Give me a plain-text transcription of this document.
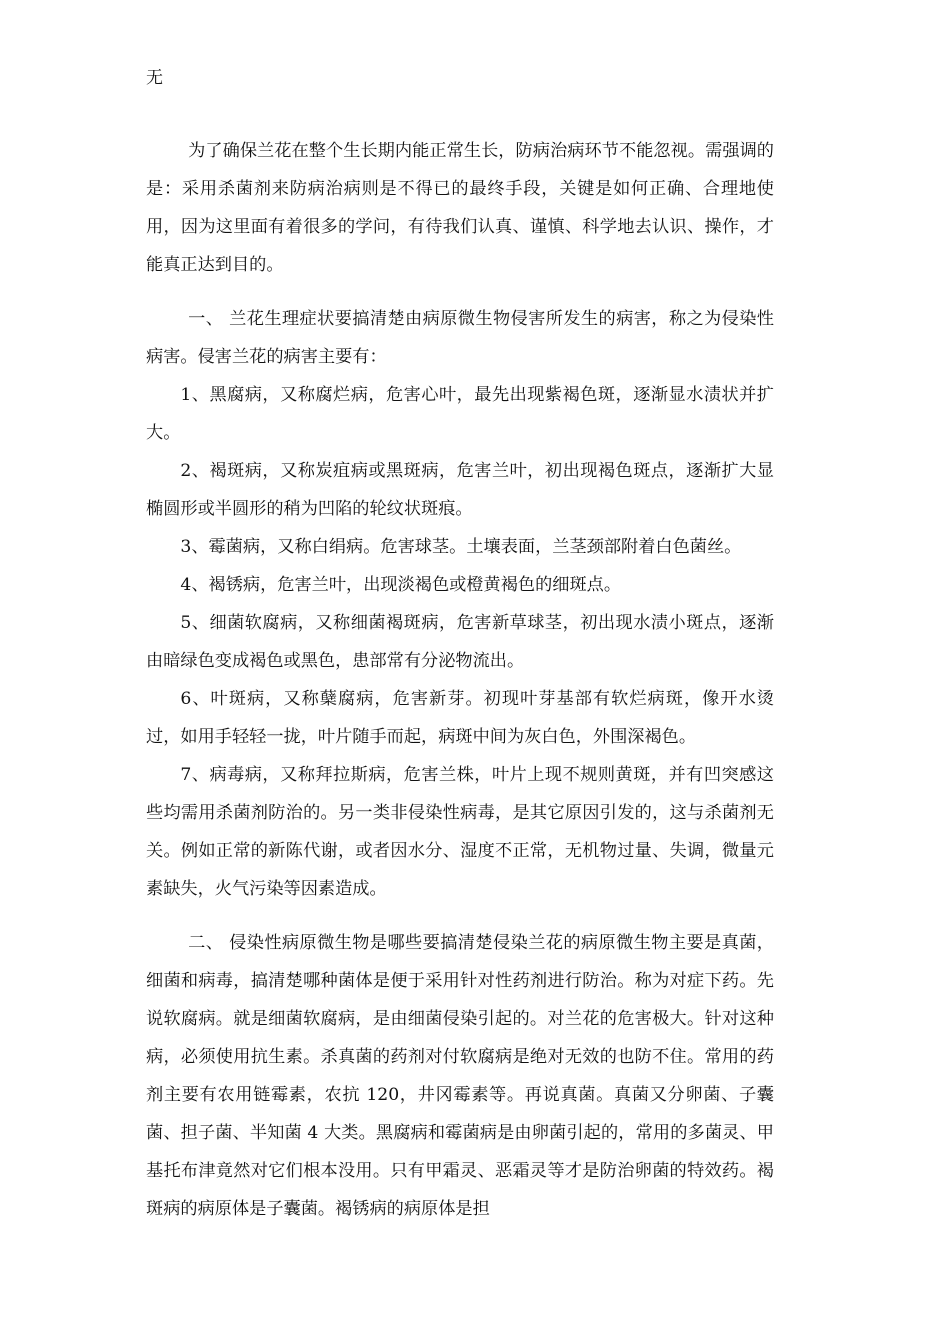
无

为了确保兰花在整个生长期内能正常生长，防病治病环节不能忽视。需强调的是：采用杀菌剂来防病治病则是不得已的最终手段，关键是如何正确、合理地使用，因为这里面有着很多的学问，有待我们认真、谨慎、科学地去认识、操作，才能真正达到目的。

一、 兰花生理症状要搞清楚由病原微生物侵害所发生的病害，称之为侵染性病害。侵害兰花的病害主要有：

1、黑腐病，又称腐烂病，危害心叶，最先出现紫褐色斑，逐渐显水渍状并扩大。

2、褐斑病，又称炭疽病或黑斑病，危害兰叶，初出现褐色斑点，逐渐扩大显椭圆形或半圆形的稍为凹陷的轮纹状斑痕。

3、霉菌病，又称白绢病。危害球茎。土壤表面，兰茎颈部附着白色菌丝。

4、褐锈病，危害兰叶，出现淡褐色或橙黄褐色的细斑点。

5、细菌软腐病，又称细菌褐斑病，危害新草球茎，初出现水渍小斑点，逐渐由暗绿色变成褐色或黑色，患部常有分泌物流出。

6、叶斑病，又称蘖腐病，危害新芽。初现叶芽基部有软烂病斑，像开水烫过，如用手轻轻一拢，叶片随手而起，病斑中间为灰白色，外围深褐色。

7、病毒病，又称拜拉斯病，危害兰株，叶片上现不规则黄斑，并有凹突感这些均需用杀菌剂防治的。另一类非侵染性病毒，是其它原因引发的，这与杀菌剂无关。例如正常的新陈代谢，或者因水分、湿度不正常，无机物过量、失调，微量元素缺失，火气污染等因素造成。

二、 侵染性病原微生物是哪些要搞清楚侵染兰花的病原微生物主要是真菌，细菌和病毒，搞清楚哪种菌体是便于采用针对性药剂进行防治。称为对症下药。先说软腐病。就是细菌软腐病，是由细菌侵染引起的。对兰花的危害极大。针对这种病，必须使用抗生素。杀真菌的药剂对付软腐病是绝对无效的也防不住。常用的药剂主要有农用链霉素，农抗 120，井冈霉素等。再说真菌。真菌又分卵菌、子囊菌、担子菌、半知菌 4 大类。黑腐病和霉菌病是由卵菌引起的，常用的多菌灵、甲基托布津竟然对它们根本没用。只有甲霜灵、恶霜灵等才是防治卵菌的特效药。褐斑病的病原体是子囊菌。褐锈病的病原体是担
